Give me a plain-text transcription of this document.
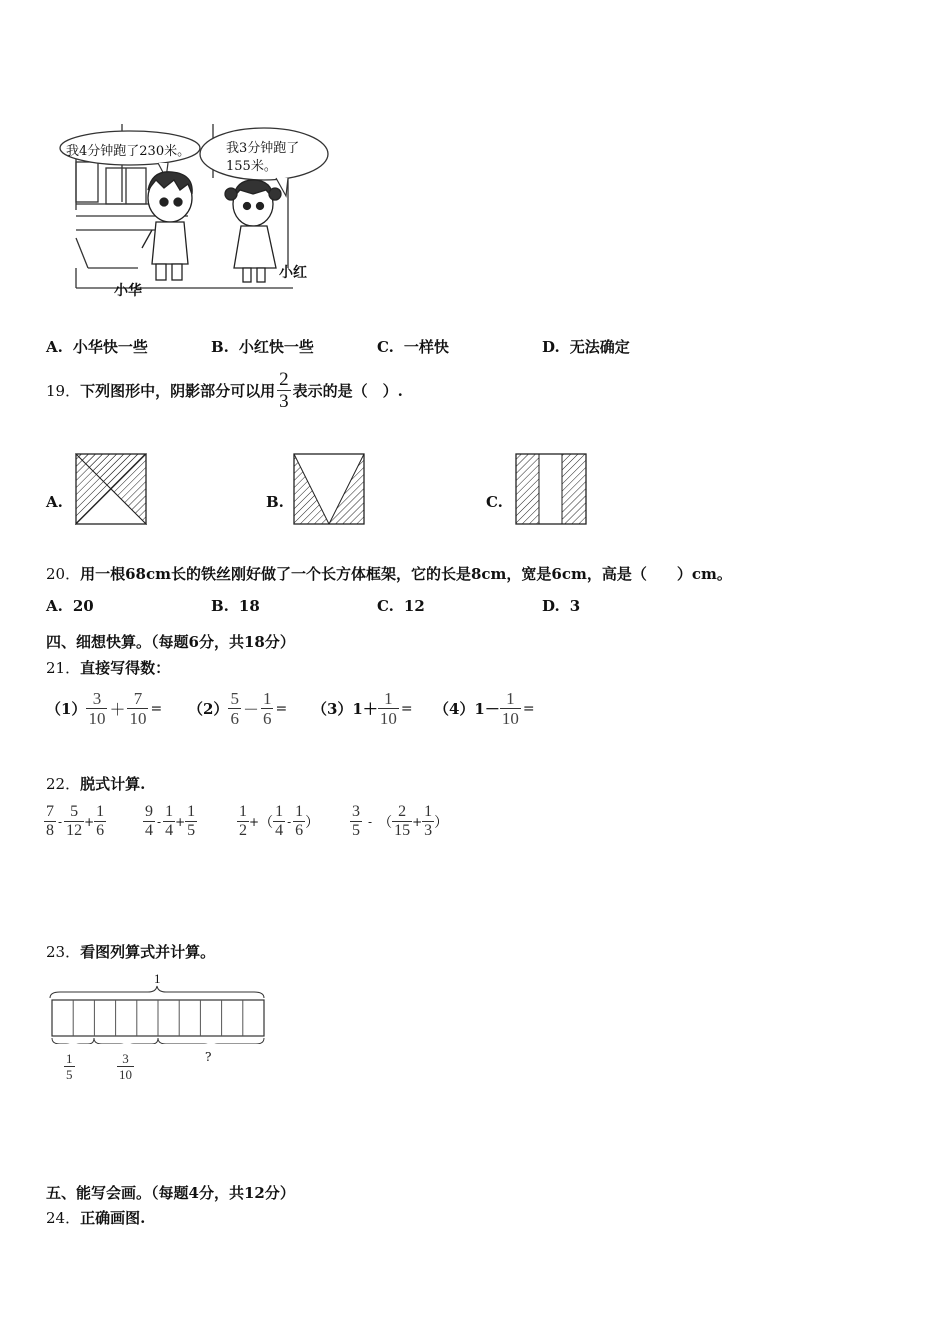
我4分钟跑了230米。	我3分钟跑了
155米。
小华
小红
A. 小华快一些	B. 小红快一些	C. 一样快	D. 无法确定
19． 下列图形中，阴影部分可以用 $\frac{2}{3}$ 表示的是（　）.
A.	B.	C.
20． 用一根68cm长的铁丝刚好做了一个长方体框架，它的长是8cm，宽是6cm，高是（　　）cm。
A. 20	B. 18	C. 12	D. 3
四、细想快算。（每题6分，共18分）
21． 直接写得数：
$(1) \frac{3}{10} + \frac{7}{10} = (2) \frac{5}{6} - \frac{1}{6} = (3)1+ \frac{1}{10} = (4)1- \frac{1}{10}$ =
22． 脱式计算.
$\frac{7}{8} - \frac{5}{12} + \frac{1}{6} \frac{9}{4} - \frac{1}{4} + \frac{1}{5} \frac{1}{2}$ + （ $\frac{1}{4} - \frac{1}{6}$ ） $\frac{3}{5}$ - （ $\frac{2}{15} + \frac{1}{3}$ ）
23． 看图列算式并计算。
1
$\frac{1}{5}$	$\frac{3}{10}$	?
五、能写会画。（每题4分，共12分）
24． 正确画图.
